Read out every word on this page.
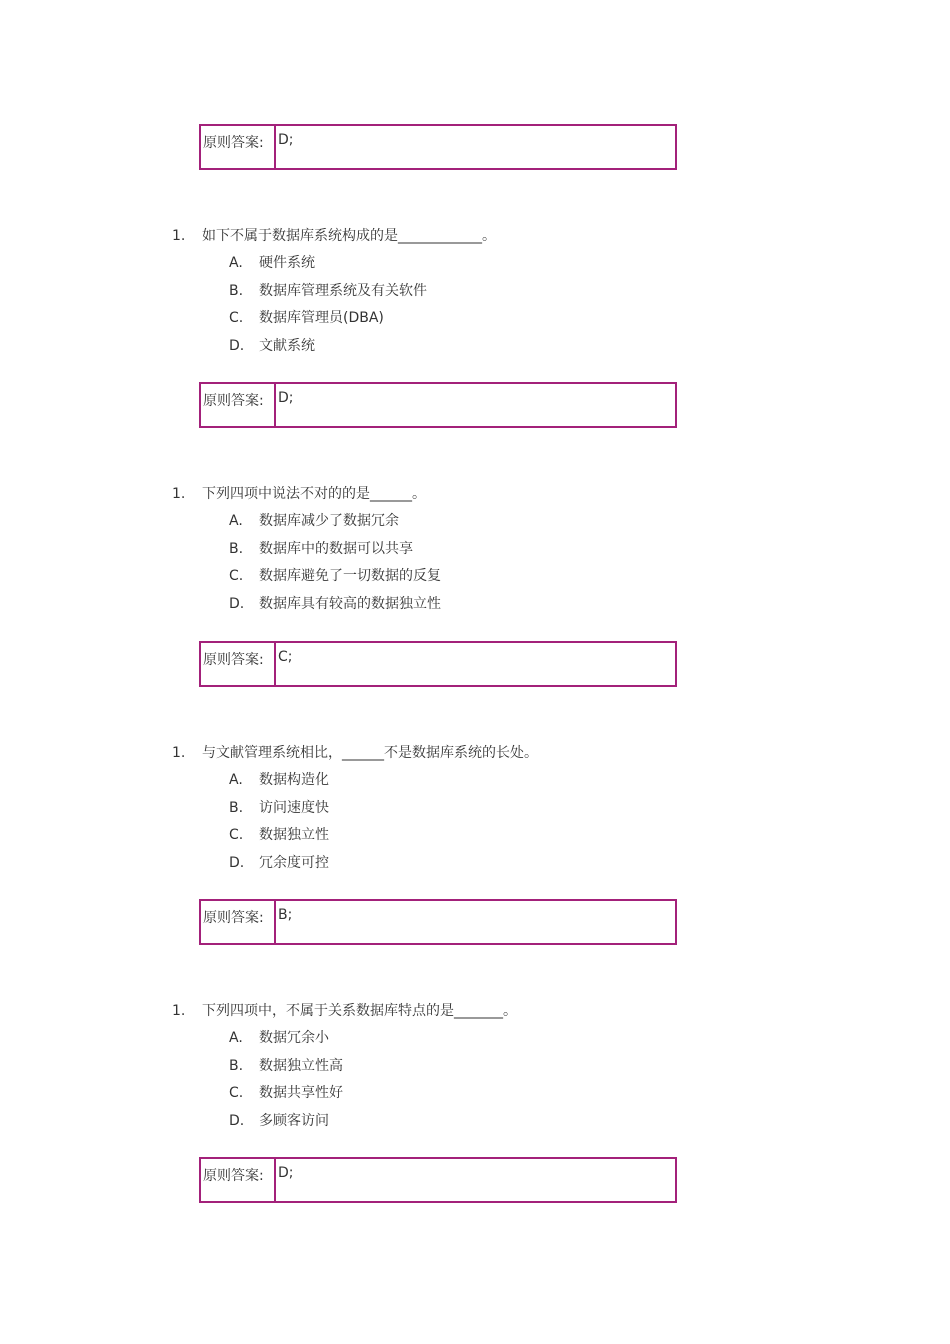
原则答案:	D;
1.	如下不属于数据库系统构成的是____________。
A.	硬件系统
B.	数据库管理系统及有关软件
C.	数据库管理员(DBA)
D.	文献系统
原则答案:	D;
1.	下列四项中说法不对的的是______。
A.	数据库减少了数据冗余
B.	数据库中的数据可以共享
C.	数据库避免了一切数据的反复
D.	数据库具有较高的数据独立性
原则答案:	C;
1.	与文献管理系统相比，______不是数据库系统的长处。
A.	数据构造化
B.	访问速度快
C.	数据独立性
D.	冗余度可控
原则答案:	B;
1.	下列四项中，不属于关系数据库特点的是_______。
A.	数据冗余小
B.	数据独立性高
C.	数据共享性好
D.	多顾客访问
原则答案:	D;
